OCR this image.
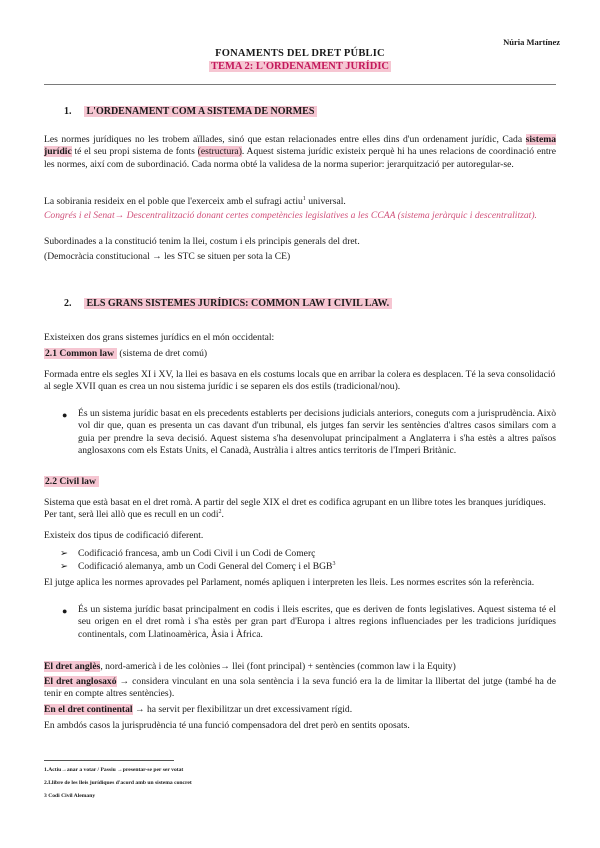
Núria Martínez
FONAMENTS DEL DRET PÚBLIC
TEMA 2: L'ORDENAMENT JURÍDIC
1. L'ORDENAMENT COM A SISTEMA DE NORMES

Les normes jurídiques no les trobem aïllades, sinó que estan relacionades entre elles dins d'un ordenament jurídic, Cada sistema jurídic té el seu propi sistema de fonts (estructura). Aquest sistema jurídic existeix perquè hi ha unes relacions de coordinació entre les normes, així com de subordinació. Cada norma obté la validesa de la norma superior: jerarquització per autoregular-se.

La sobirania resideix en el poble que l'exerceix amb el sufragi actiu$^1$ universal.

Congrés i el Senat→ Descentralització donant certes competències legislatives a les CCAA (sistema jeràrquic i descentralitzat).

Subordinades a la constitució tenim la llei, costum i els principis generals del dret.

(Democràcia constitucional → les STC se situen per sota la CE)

2. ELS GRANS SISTEMES JURÍDICS: COMMON LAW I CIVIL LAW.

Existeixen dos grans sistemes jurídics en el món occidental:

2.1 Common law (sistema de dret comú)

Formada entre els segles XI i XV, la llei es basava en els costums locals que en arribar la colera es desplacen. Té la seva consolidació al segle XVII quan es crea un nou sistema jurídic i se separen els dos estils (tradicional/nou).

● És un sistema jurídic basat en els precedents establerts per decisions judicials anteriors, coneguts com a jurisprudència. Això vol dir que, quan es presenta un cas davant d'un tribunal, els jutges fan servir les sentències d'altres casos similars com a guia per prendre la seva decisió. Aquest sistema s'ha desenvolupat principalment a Anglaterra i s'ha estès a altres països anglosaxons com els Estats Units, el Canadà, Austràlia i altres antics territoris de l'Imperi Britànic.

2.2 Civil law

Sistema que està basat en el dret romà. A partir del segle XIX el dret es codifica agrupant en un llibre totes les branques jurídiques. Per tant, serà llei allò que es recull en un codi$^2$.

Existeix dos tipus de codificació diferent.

➢ Codificació francesa, amb un Codi Civil i un Codi de Comerç
➢ Codificació alemanya, amb un Codi General del Comerç i el BGB$^3$

El jutge aplica les normes aprovades pel Parlament, només apliquen i interpreten les lleis. Les normes escrites són la referència.

● És un sistema jurídic basat principalment en codis i lleis escrites, que es deriven de fonts legislatives. Aquest sistema té el seu origen en el dret romà i s'ha estès per gran part d'Europa i altres regions influenciades per les tradicions jurídiques continentals, com Llatinoamèrica, Àsia i Àfrica.

El dret anglès, nord-americà i de les colònies→ llei (font principal) + sentències (common law i la Equity)

El dret anglosaxó → considera vinculant en una sola sentència i la seva funció era la de limitar la llibertat del jutge (també ha de tenir en compte altres sentències).

En el dret continental → ha servit per flexibilitzar un dret excessivament rígid.

En ambdós casos la jurisprudència té una funció compensadora del dret però en sentits oposats.

1.Actiu→anar a votar / Passiu →presentar-se per ser votat
2.Llibre de les lleis jurídiques d'acord amb un sistema concret
3 Codi Civil Alemany
